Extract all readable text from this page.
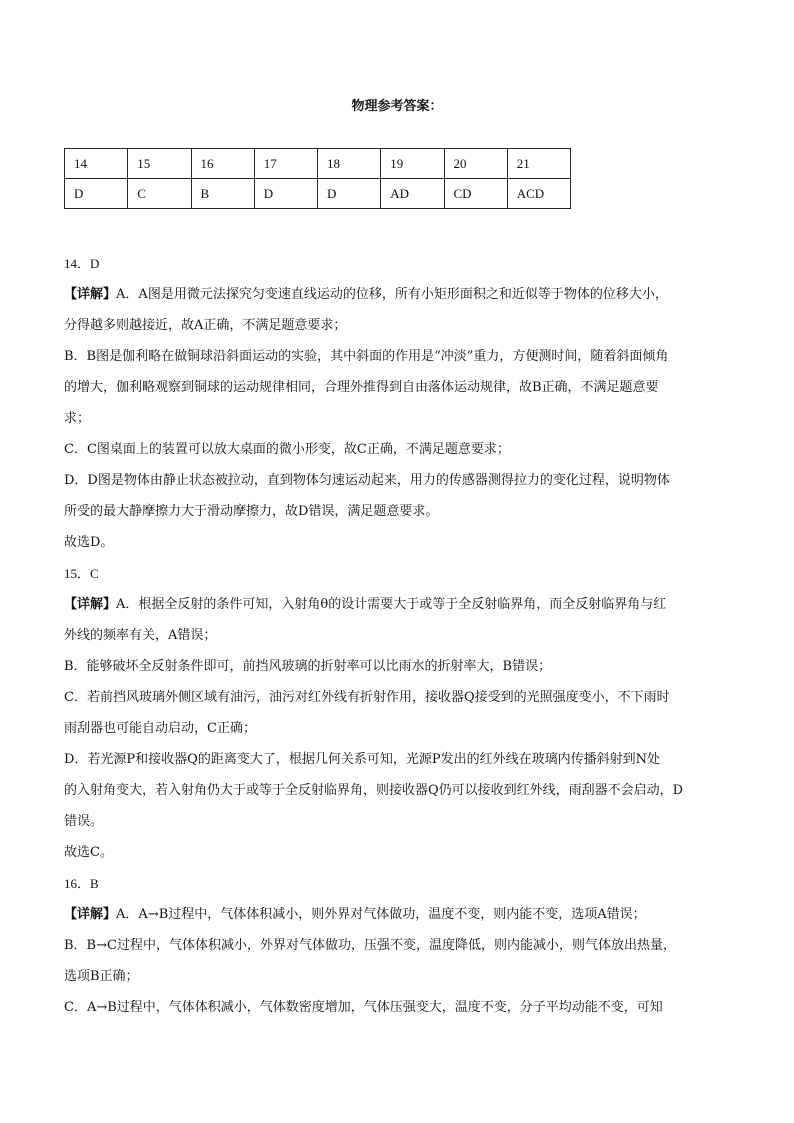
物理参考答案：
14	15	16	17	18	19	20	21
D	C	B	D	D	AD	CD	ACD

14．D

【详解】A．A图是用微元法探究匀变速直线运动的位移，所有小矩形面积之和近似等于物体的位移大小，

分得越多则越接近，故A正确，不满足题意要求；

B．B图是伽利略在做铜球沿斜面运动的实验，其中斜面的作用是“冲淡”重力，方便测时间，随着斜面倾角

的增大，伽利略观察到铜球的运动规律相同，合理外推得到自由落体运动规律，故B正确，不满足题意要

求；

C．C图桌面上的装置可以放大桌面的微小形变，故C正确，不满足题意要求；

D．D图是物体由静止状态被拉动，直到物体匀速运动起来，用力的传感器测得拉力的变化过程，说明物体

所受的最大静摩擦力大于滑动摩擦力，故D错误，满足题意要求。

故选D。

15．C

【详解】A．根据全反射的条件可知，入射角θ的设计需要大于或等于全反射临界角，而全反射临界角与红

外线的频率有关，A错误；

B．能够破坏全反射条件即可，前挡风玻璃的折射率可以比雨水的折射率大，B错误；

C．若前挡风玻璃外侧区域有油污，油污对红外线有折射作用，接收器Q接受到的光照强度变小，不下雨时

雨刮器也可能自动启动，C正确；

D．若光源P和接收器Q的距离变大了，根据几何关系可知，光源P发出的红外线在玻璃内传播斜射到N处

的入射角变大，若入射角仍大于或等于全反射临界角，则接收器Q仍可以接收到红外线，雨刮器不会启动，D

错误。

故选C。

16．B

【详解】A．A→B过程中，气体体积减小，则外界对气体做功，温度不变，则内能不变，选项A错误；

B．B→C过程中，气体体积减小，外界对气体做功，压强不变，温度降低，则内能减小，则气体放出热量，

选项B正确；

C．A→B过程中，气体体积减小，气体数密度增加，气体压强变大，温度不变，分子平均动能不变，可知
